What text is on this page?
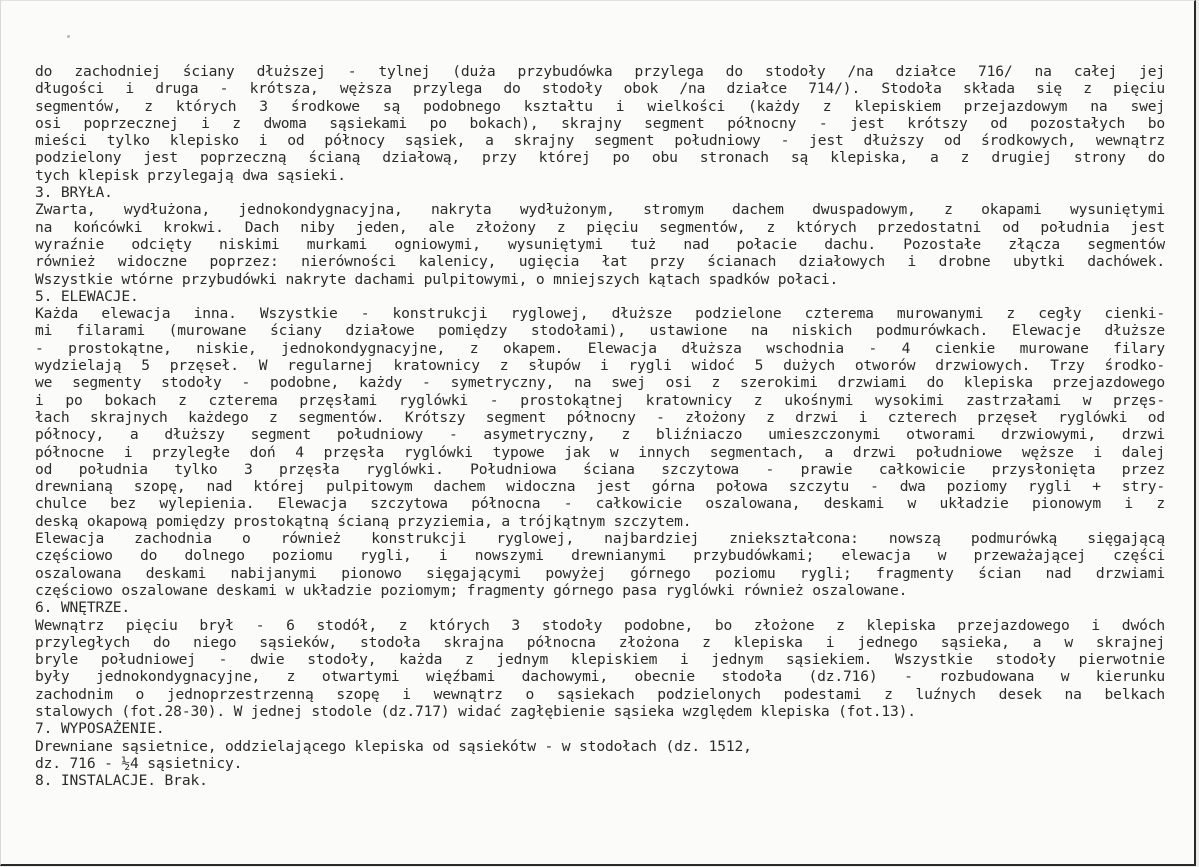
do zachodniej ściany dłuższej - tylnej (duża przybudówka przylega do stodoły /na działce 716/ na całej jej
długości i druga - krótsza, węższa przylega do stodoły obok /na działce 714/). Stodoła składa się z pięciu
segmentów, z których 3 środkowe są podobnego kształtu i wielkości (każdy z klepiskiem przejazdowym na swej
osi poprzecznej i z dwoma sąsiekami po bokach), skrajny segment północny - jest krótszy od pozostałych bo
mieści tylko klepisko i od północy sąsiek, a skrajny segment południowy - jest dłuższy od środkowych, wewnątrz
podzielony jest poprzeczną ścianą działową, przy której po obu stronach są klepiska, a z drugiej strony do
tych klepisk przylegają dwa sąsieki.
3. BRYŁA.
Zwarta, wydłużona, jednokondygnacyjna, nakryta wydłużonym, stromym dachem dwuspadowym, z okapami wysuniętymi
na końcówki krokwi. Dach niby jeden, ale złożony z pięciu segmentów, z których przedostatni od południa jest
wyraźnie odcięty niskimi murkami ogniowymi, wysuniętymi tuż nad połacie dachu. Pozostałe złącza segmentów
również widoczne poprzez: nierówności kalenicy, ugięcia łat przy ścianach działowych i drobne ubytki dachówek.
Wszystkie wtórne przybudówki nakryte dachami pulpitowymi, o mniejszych kątach spadków połaci.
5. ELEWACJE.
Każda elewacja inna. Wszystkie - konstrukcji ryglowej, dłuższe podzielone czterema murowanymi z cegły cienki-
mi filarami (murowane ściany działowe pomiędzy stodołami), ustawione na niskich podmurówkach. Elewacje dłuższe
- prostokątne, niskie, jednokondygnacyjne, z okapem. Elewacja dłuższa wschodnia - 4 cienkie murowane filary
wydzielają 5 przęseł. W regularnej kratownicy z słupów i rygli widoć 5 dużych otworów drzwiowych. Trzy środko-
we segmenty stodoły - podobne, każdy - symetryczny, na swej osi z szerokimi drzwiami do klepiska przejazdowego
i po bokach z czterema przęsłami ryglówki - prostokątnej kratownicy z ukośnymi wysokimi zastrzałami w przęs-
łach skrajnych każdego z segmentów. Krótszy segment północny - złożony z drzwi i czterech przęseł ryglówki od
północy, a dłuższy segment południowy - asymetryczny, z bliźniaczo umieszczonymi otworami drzwiowymi, drzwi
północne i przyległe doń 4 przęsła ryglówki typowe jak w innych segmentach, a drzwi południowe węższe i dalej
od południa tylko 3 przęsła ryglówki. Południowa ściana szczytowa - prawie całkowicie przysłonięta przez
drewnianą szopę, nad której pulpitowym dachem widoczna jest górna połowa szczytu - dwa poziomy rygli + stry-
chulce bez wylepienia. Elewacja szczytowa północna - całkowicie oszalowana, deskami w układzie pionowym i z
deską okapową pomiędzy prostokątną ścianą przyziemia, a trójkątnym szczytem.
Elewacja zachodnia o również konstrukcji ryglowej, najbardziej zniekształcona: nowszą podmurówką sięgającą
częściowo do dolnego poziomu rygli, i nowszymi drewnianymi przybudówkami; elewacja w przeważającej części
oszalowana deskami nabijanymi pionowo sięgającymi powyżej górnego poziomu rygli; fragmenty ścian nad drzwiami
częściowo oszalowane deskami w układzie poziomym; fragmenty górnego pasa ryglówki również oszalowane.
6. WNĘTRZE.
Wewnątrz pięciu brył - 6 stodół, z których 3 stodoły podobne, bo złożone z klepiska przejazdowego i dwóch
przyległych do niego sąsieków, stodoła skrajna północna złożona z klepiska i jednego sąsieka, a w skrajnej
bryle południowej - dwie stodoły, każda z jednym klepiskiem i jednym sąsiekiem. Wszystkie stodoły pierwotnie
były jednokondygnacyjne, z otwartymi więźbami dachowymi, obecnie stodoła (dz.716) - rozbudowana w kierunku
zachodnim o jednoprzestrzenną szopę i wewnątrz o sąsiekach podzielonych podestami z luźnych desek na belkach
stalowych (fot.28-30). W jednej stodole (dz.717) widać zagłębienie sąsieka względem klepiska (fot.13).
7. WYPOSAŻENIE.
Drewniane sąsietnice, oddzielającego klepiska od sąsiekótw - w stodołach (dz. 1512,
dz. 716 - ½4 sąsietnicy.
8. INSTALACJE. Brak.
